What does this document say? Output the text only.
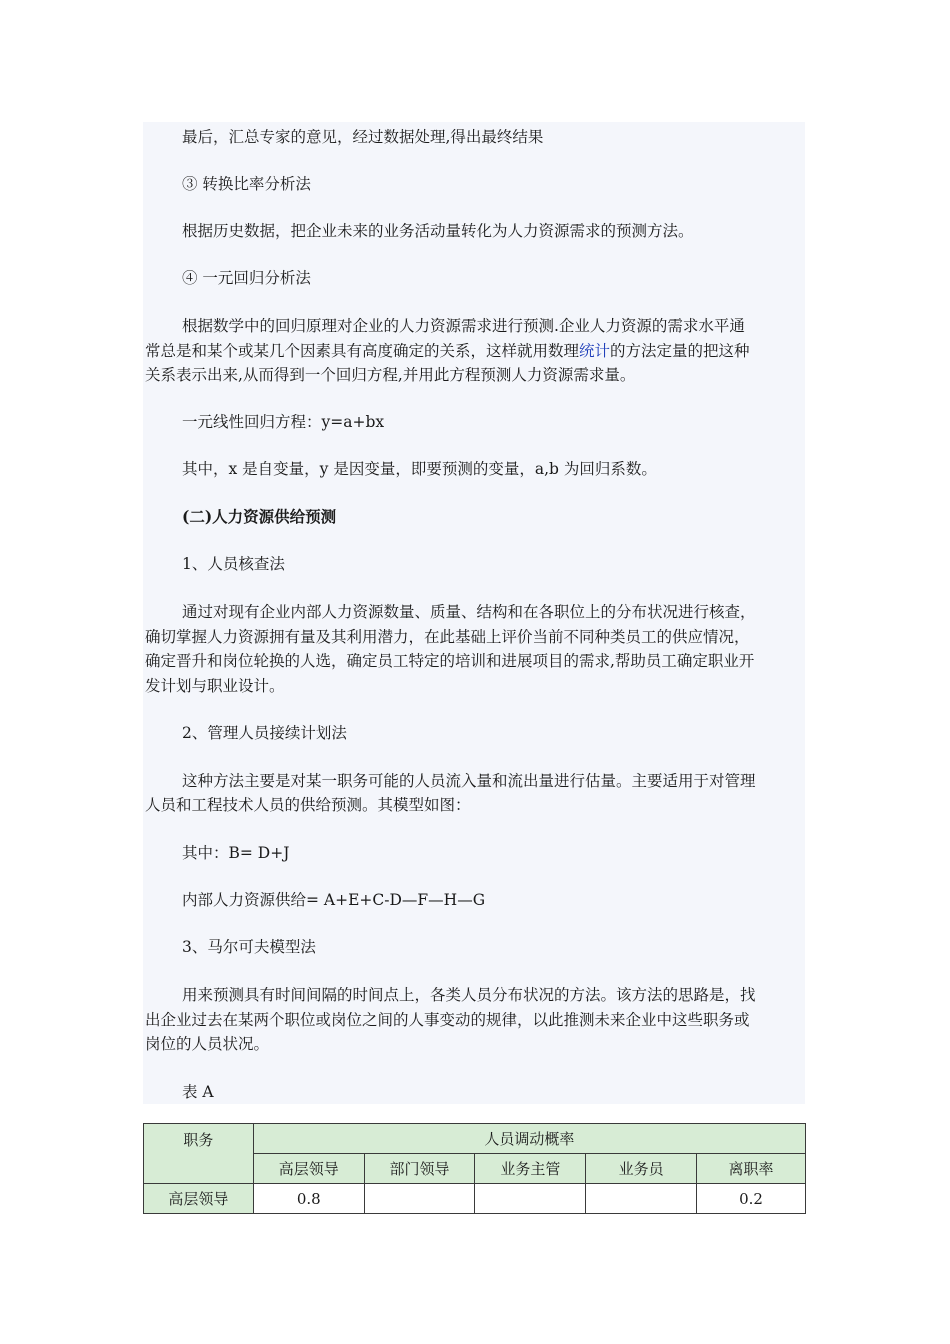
最后，汇总专家的意见，经过数据处理,得出最终结果
③ 转换比率分析法
根据历史数据，把企业未来的业务活动量转化为人力资源需求的预测方法。
④ 一元回归分析法
根据数学中的回归原理对企业的人力资源需求进行预测.企业人力资源的需求水平通
常总是和某个或某几个因素具有高度确定的关系，这样就用数理统计的方法定量的把这种
关系表示出来,从而得到一个回归方程,并用此方程预测人力资源需求量。
一元线性回归方程：y=a+bx
其中，x 是自变量，y 是因变量，即要预测的变量，a,b 为回归系数。
(二)人力资源供给预测
1、人员核查法
通过对现有企业内部人力资源数量、质量、结构和在各职位上的分布状况进行核查，
确切掌握人力资源拥有量及其利用潜力，在此基础上评价当前不同种类员工的供应情况，
确定晋升和岗位轮换的人选，确定员工特定的培训和进展项目的需求,帮助员工确定职业开
发计划与职业设计。
2、管理人员接续计划法
这种方法主要是对某一职务可能的人员流入量和流出量进行估量。主要适用于对管理
人员和工程技术人员的供给预测。其模型如图：
其中：B= D+J
内部人力资源供给= A+E+C-D—F—H—G
3、马尔可夫模型法
用来预测具有时间间隔的时间点上，各类人员分布状况的方法。该方法的思路是，找
出企业过去在某两个职位或岗位之间的人事变动的规律，以此推测未来企业中这些职务或
岗位的人员状况。
表 A
职务	人员调动概率				
	高层领导	部门领导	业务主管	业务员	离职率
高层领导	0.8				0.2
